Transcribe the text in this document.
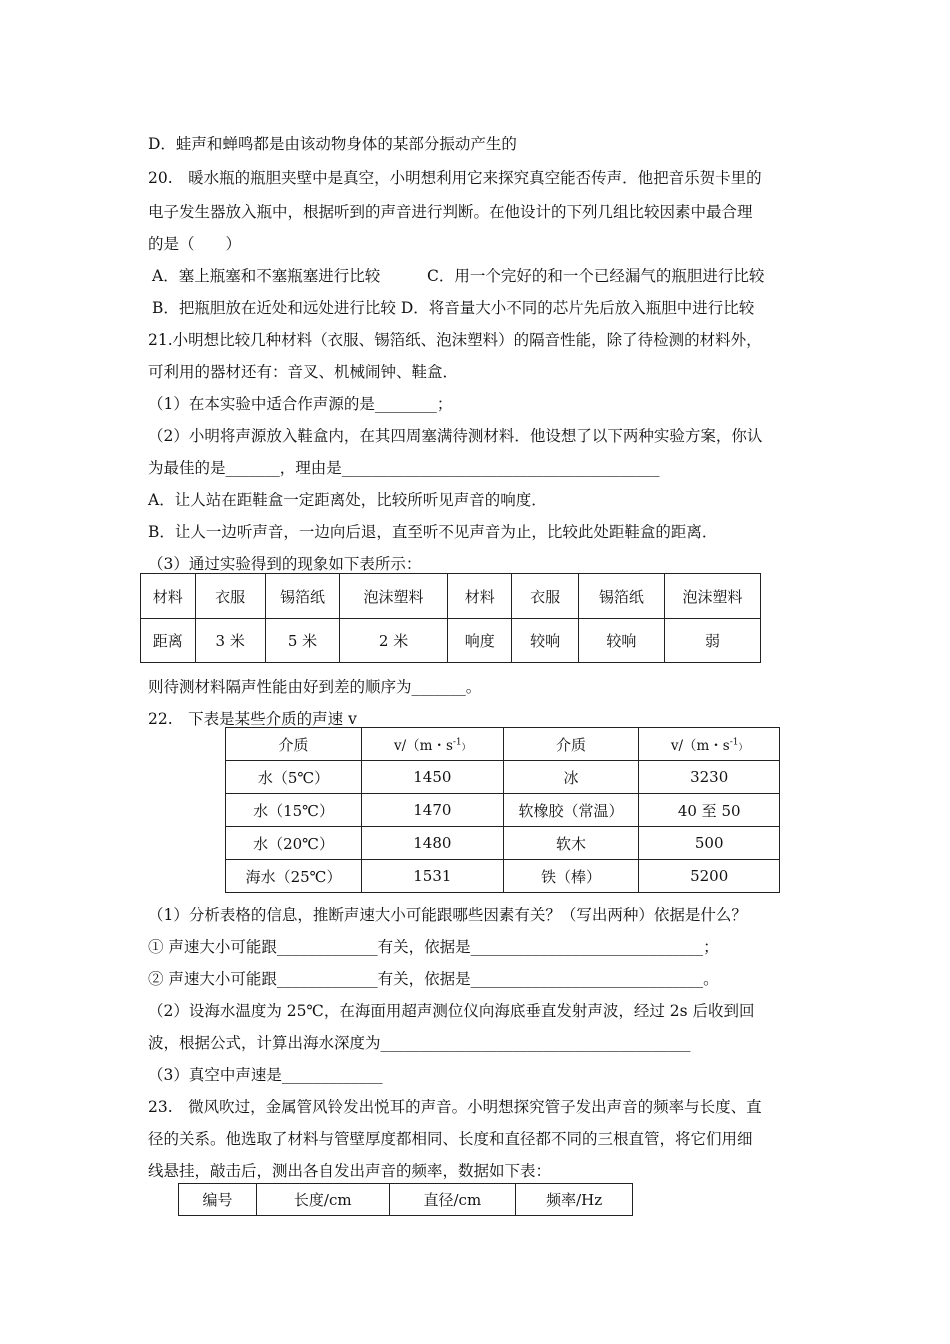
D．蛙声和蝉鸣都是由该动物身体的某部分振动产生的
20.　暖水瓶的瓶胆夹壁中是真空，小明想利用它来探究真空能否传声．他把音乐贺卡里的
电子发生器放入瓶中，根据听到的声音进行判断。在他设计的下列几组比较因素中最合理
的是（　　）
A．塞上瓶塞和不塞瓶塞进行比较	C．用一个完好的和一个已经漏气的瓶胆进行比较
B．把瓶胆放在近处和远处进行比较 D．将音量大小不同的芯片先后放入瓶胆中进行比较
21.小明想比较几种材料（衣服、锡箔纸、泡沫塑料）的隔音性能，除了待检测的材料外，
可利用的器材还有：音叉、机械闹钟、鞋盒．
（1）在本实验中适合作声源的是________；
（2）小明将声源放入鞋盒内，在其四周塞满待测材料．他设想了以下两种实验方案，你认
为最佳的是_______，理由是_________________________________________
A．让人站在距鞋盒一定距离处，比较所听见声音的响度．
B．让人一边听声音，一边向后退，直至听不见声音为止，比较此处距鞋盒的距离．
（3）通过实验得到的现象如下表所示：
材料	衣服	锡箔纸	泡沫塑料	材料	衣服	锡箔纸	泡沫塑料
距离	3 米	5 米	2 米	响度	较响	较响	弱
则待测材料隔声性能由好到差的顺序为_______。
22.　下表是某些介质的声速 v
介质	v/（m・$s^{-1}$）	介质	v/（m・$s^{-1}$）
水（5℃）	1450	冰	3230
水（15℃）	1470	软橡胶（常温）	40 至 50
水（20℃）	1480	软木	500
海水（25℃）	1531	铁（棒）	5200
（1）分析表格的信息，推断声速大小可能跟哪些因素有关？（写出两种）依据是什么？
① 声速大小可能跟_____________有关，依据是______________________________；
② 声速大小可能跟_____________有关，依据是______________________________。
（2）设海水温度为 25℃，在海面用超声测位仪向海底垂直发射声波，经过 2s 后收到回
波，根据公式，计算出海水深度为________________________________________
（3）真空中声速是_____________
23.　微风吹过，金属管风铃发出悦耳的声音。小明想探究管子发出声音的频率与长度、直
径的关系。他选取了材料与管壁厚度都相同、长度和直径都不同的三根直管，将它们用细
线悬挂，敲击后，测出各自发出声音的频率，数据如下表：
编号	长度/cm	直径/cm	频率/Hz
